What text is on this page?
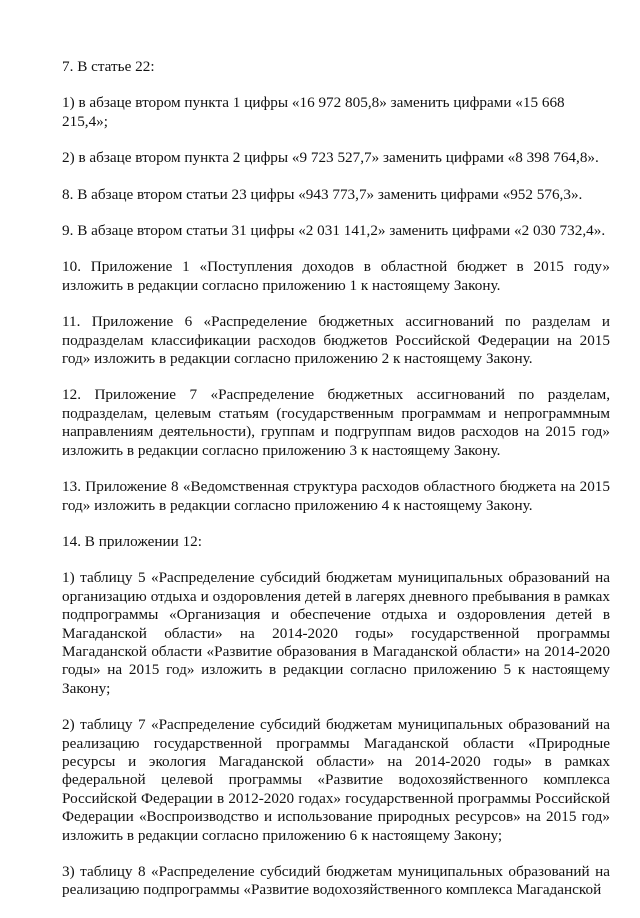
7. В статье 22:

1) в абзаце втором пункта 1 цифры «16 972 805,8» заменить цифрами «15 668 215,4»;

2) в абзаце втором пункта 2 цифры «9 723 527,7» заменить цифрами «8 398 764,8».

8. В абзаце втором статьи 23 цифры «943 773,7» заменить цифрами «952 576,3».

9. В абзаце втором статьи 31 цифры «2 031 141,2» заменить цифрами «2 030 732,4».

10. Приложение 1 «Поступления доходов в областной бюджет в 2015 году» изложить в редакции согласно приложению 1 к настоящему Закону.

11. Приложение 6 «Распределение бюджетных ассигнований по разделам и подразделам классификации расходов бюджетов Российской Федерации на 2015 год» изложить в редакции согласно приложению 2 к настоящему Закону.

12. Приложение 7 «Распределение бюджетных ассигнований по разделам, подразделам, целевым статьям (государственным программам и непрограммным направлениям деятельности), группам и подгруппам видов расходов на 2015 год» изложить в редакции согласно приложению 3 к настоящему Закону.

13. Приложение 8 «Ведомственная структура расходов областного бюджета на 2015 год» изложить в редакции согласно приложению 4 к настоящему Закону.

14. В приложении 12:

1) таблицу 5 «Распределение субсидий бюджетам муниципальных образований на организацию отдыха и оздоровления детей в лагерях дневного пребывания в рамках подпрограммы «Организация и обеспечение отдыха и оздоровления детей в Магаданской области» на 2014-2020 годы» государственной программы Магаданской области «Развитие образования в Магаданской области» на 2014-2020 годы» на 2015 год» изложить в редакции согласно приложению 5 к настоящему Закону;

2) таблицу 7 «Распределение субсидий бюджетам муниципальных образований на реализацию государственной программы Магаданской области «Природные ресурсы и экология Магаданской области» на 2014-2020 годы» в рамках федеральной целевой программы «Развитие водохозяйственного комплекса Российской Федерации в 2012-2020 годах» государственной программы Российской Федерации «Воспроизводство и использование природных ресурсов» на 2015 год» изложить в редакции согласно приложению 6 к настоящему Закону;

3) таблицу 8 «Распределение субсидий бюджетам муниципальных образований на реализацию подпрограммы «Развитие водохозяйственного комплекса Магаданской
